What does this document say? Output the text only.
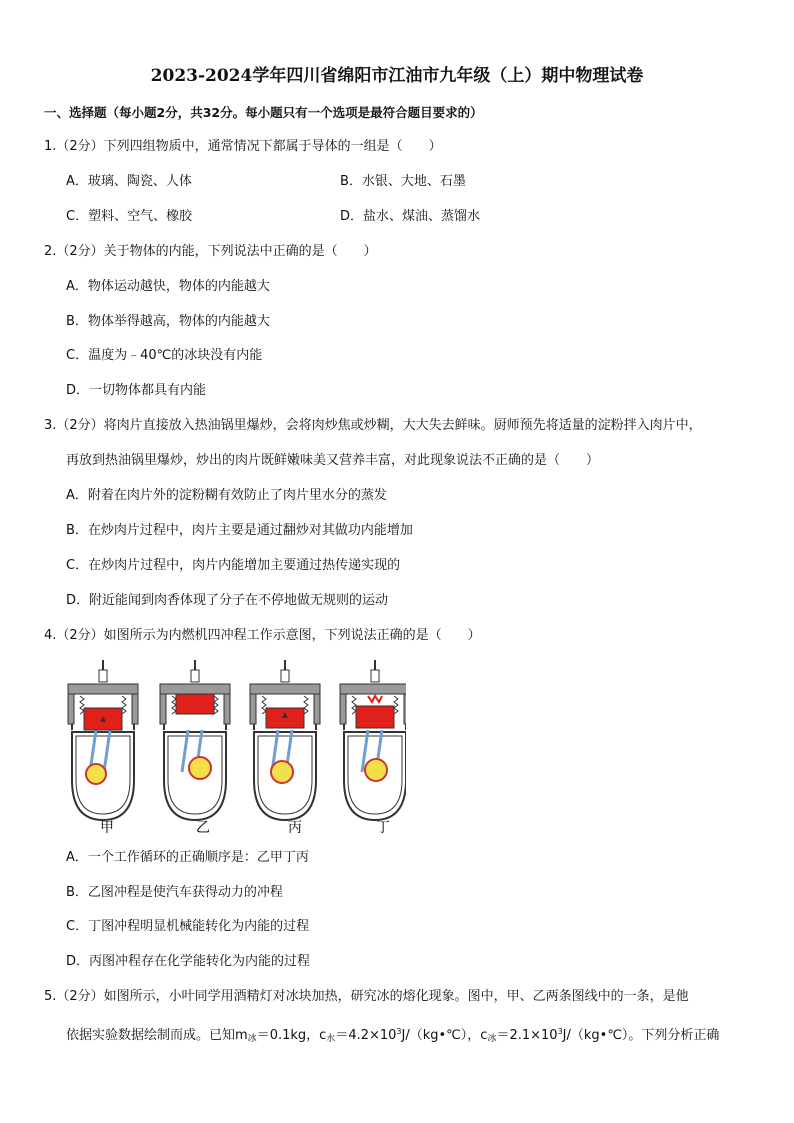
2023-2024学年四川省绵阳市江油市九年级（上）期中物理试卷
一、选择题（每小题2分，共32分。每小题只有一个选项是最符合题目要求的）
1.（2分）下列四组物质中，通常情况下都属于导体的一组是（　　）
A．玻璃、陶瓷、人体	B．水银、大地、石墨
C．塑料、空气、橡胶	D．盐水、煤油、蒸馏水
2.（2分）关于物体的内能，下列说法中正确的是（　　）
A．物体运动越快，物体的内能越大
B．物体举得越高，物体的内能越大
C．温度为﹣40℃的冰块没有内能
D．一切物体都具有内能
3.（2分）将肉片直接放入热油锅里爆炒，会将肉炒焦或炒糊，大大失去鲜味。厨师预先将适量的淀粉拌入肉片中，
再放到热油锅里爆炒，炒出的肉片既鲜嫩味美又营养丰富，对此现象说法不正确的是（　　）
A．附着在肉片外的淀粉糊有效防止了肉片里水分的蒸发
B．在炒肉片过程中，肉片主要是通过翻炒对其做功内能增加
C．在炒肉片过程中，肉片内能增加主要通过热传递实现的
D．附近能闻到肉香体现了分子在不停地做无规则的运动
4.（2分）如图所示为内燃机四冲程工作示意图，下列说法正确的是（　　）
甲	乙	丙	丁
A．一个工作循环的正确顺序是：乙甲丁丙
B．乙图冲程是使汽车获得动力的冲程
C．丁图冲程明显机械能转化为内能的过程
D．丙图冲程存在化学能转化为内能的过程
5.（2分）如图所示，小叶同学用酒精灯对冰块加热，研究冰的熔化现象。图中，甲、乙两条图线中的一条，是他
依据实验数据绘制而成。已知$m_冰=0.1kg$，$c_水=4.2\times 10^3J/(kg•℃)$，$c_冰=2.1\times 10^3J/(kg•℃)$。下列分析正确
